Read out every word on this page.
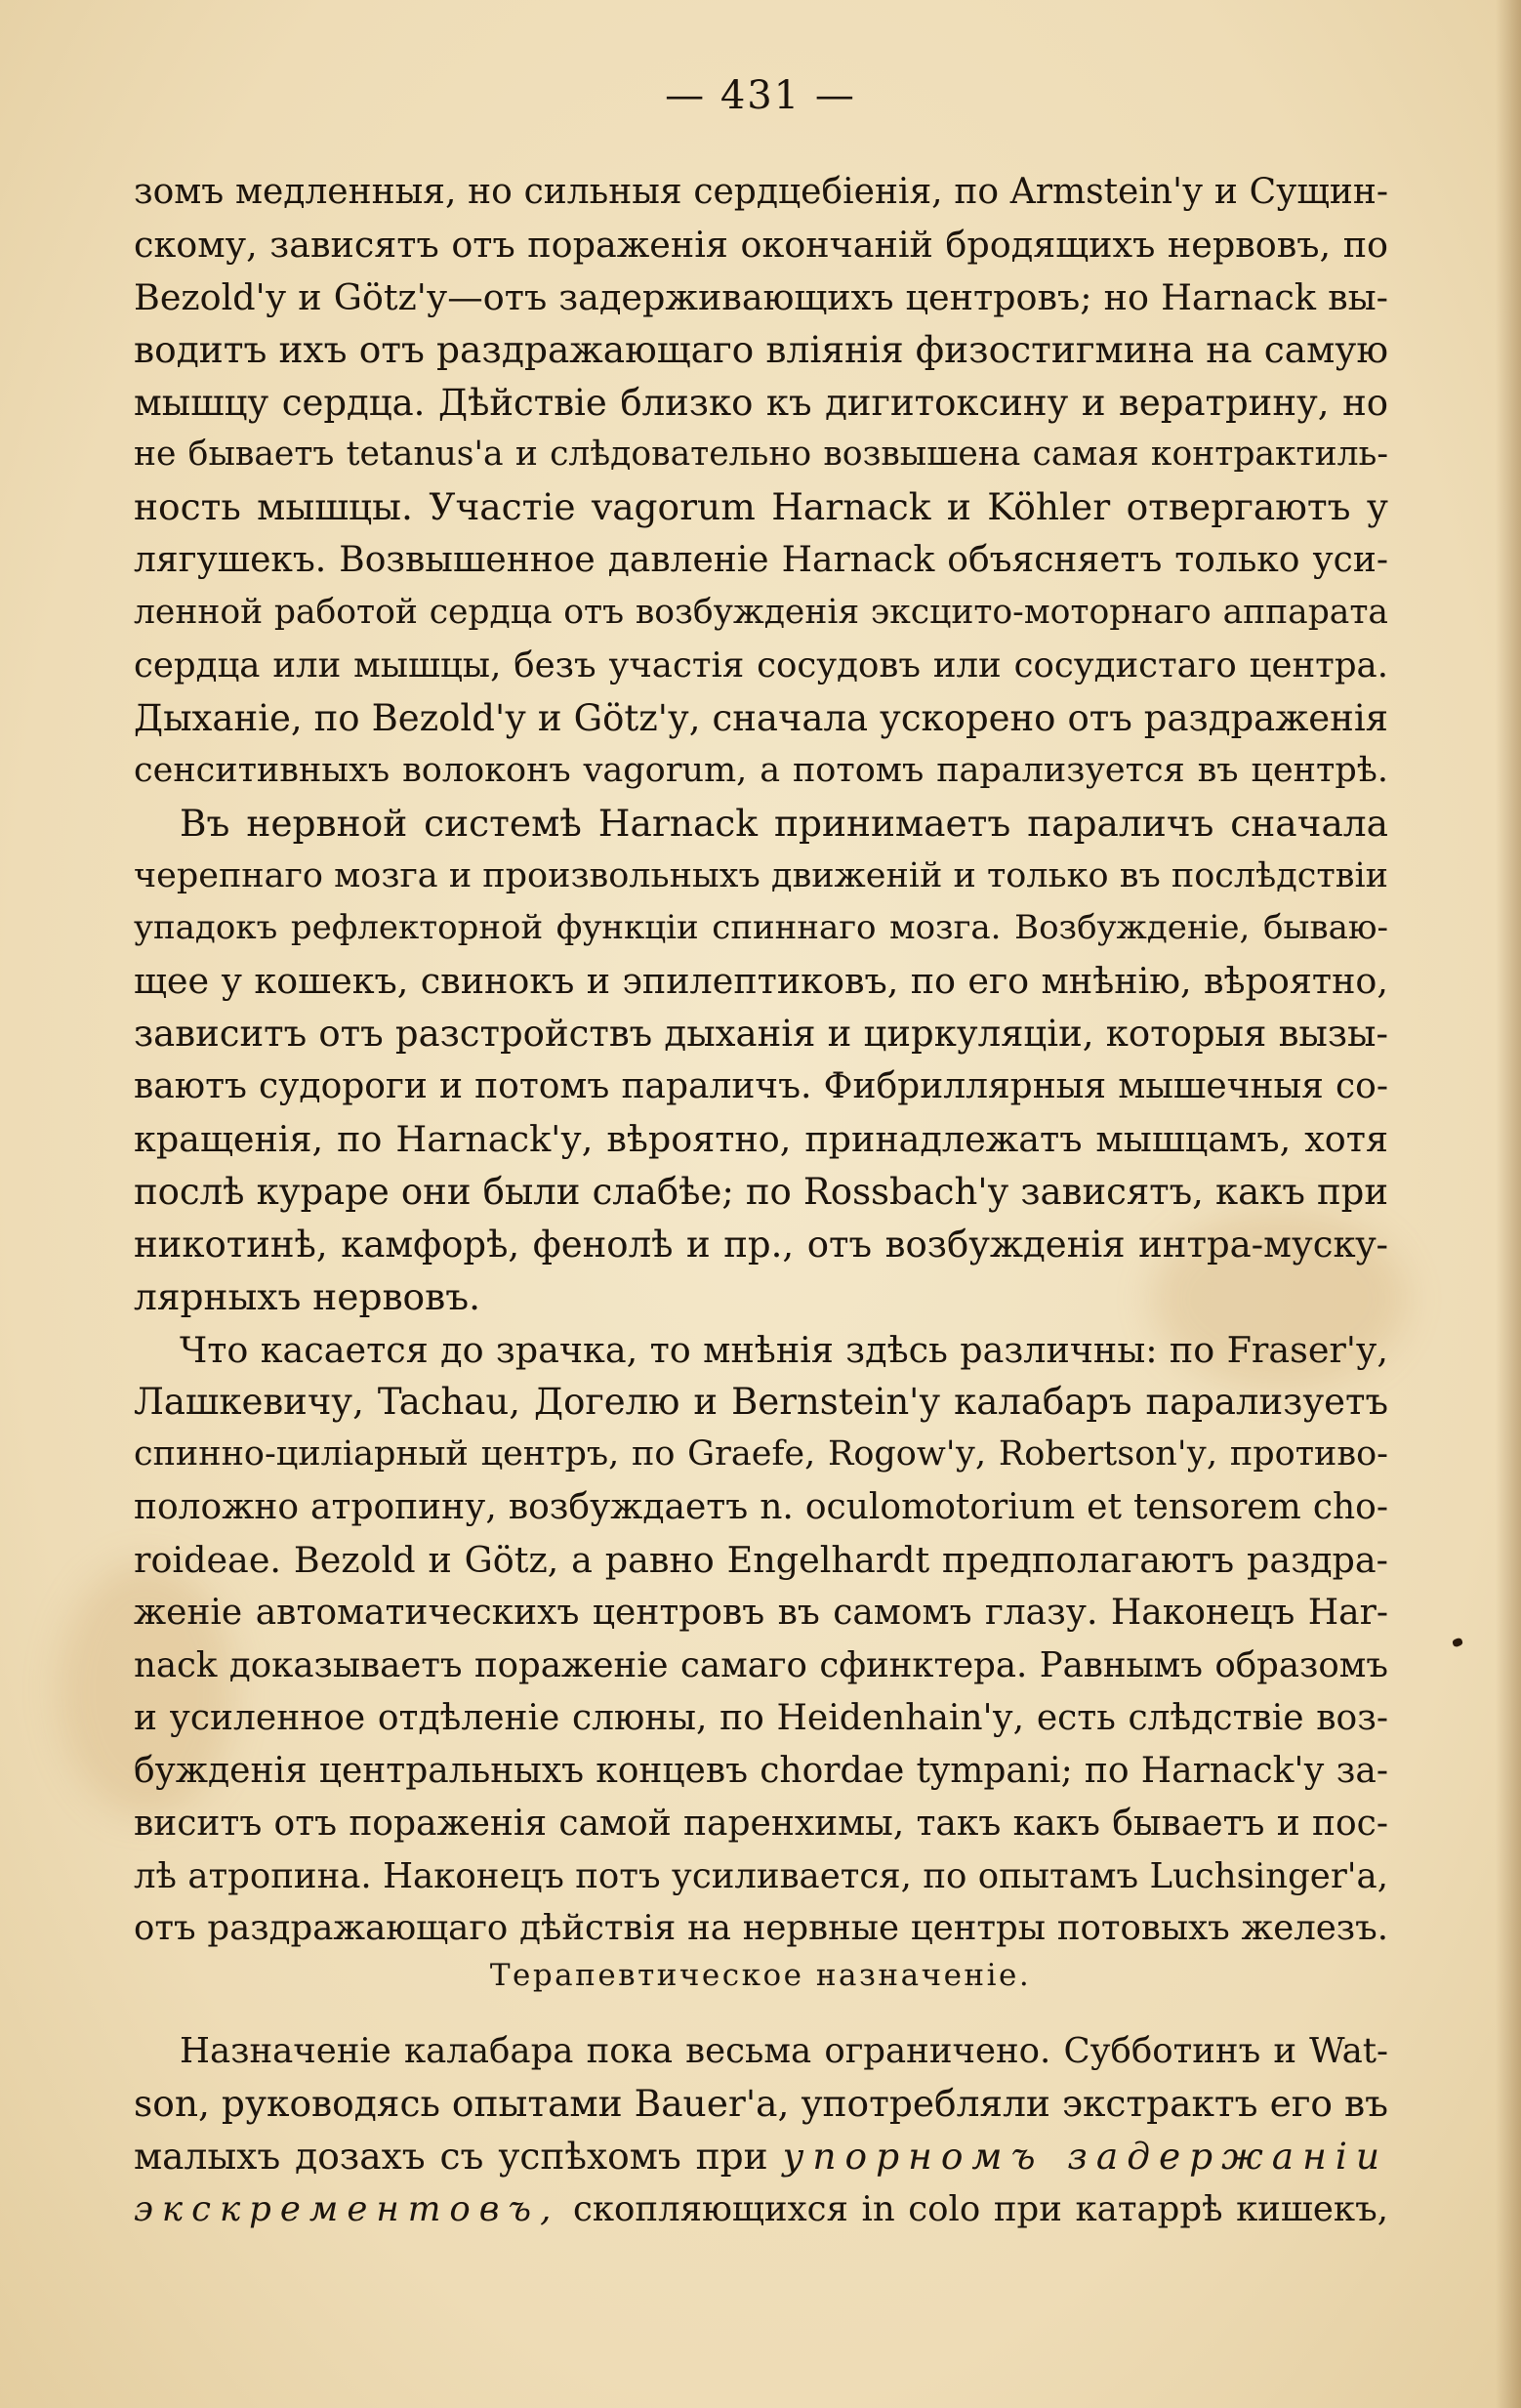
— 431 —
зомъ медленныя, но сильныя сердцебіенія, по Armstein'у и Сущин-
скому, зависятъ отъ пораженія окончаній бродящихъ нервовъ, по
Bezold'у и Götz'у—отъ задерживающихъ центровъ; но Harnack вы-
водитъ ихъ отъ раздражающаго вліянія физостигмина на самую
мышцу сердца. Дѣйствіе близко къ дигитоксину и вератрину, но
не бываетъ tetanus'а и слѣдовательно возвышена самая контрактиль-
ность мышцы. Участіе vagorum Harnack и Köhler отвергаютъ у
лягушекъ. Возвышенное давленіе Harnack объясняетъ только уси-
ленной работой сердца отъ возбужденія эксцито-моторнаго аппарата
сердца или мышцы, безъ участія сосудовъ или сосудистаго центра.
Дыханіе, по Bezold'у и Götz'у, сначала ускорено отъ раздраженія
сенситивныхъ волоконъ vagorum, а потомъ парализуется въ центрѣ.
Въ нервной системѣ Harnack принимаетъ параличъ сначала
черепнаго мозга и произвольныхъ движеній и только въ послѣдствіи
упадокъ рефлекторной функціи спиннаго мозга. Возбужденіе, бываю-
щее у кошекъ, свинокъ и эпилептиковъ, по его мнѣнію, вѣроятно,
зависитъ отъ разстройствъ дыханія и циркуляціи, которыя вызы-
ваютъ судороги и потомъ параличъ. Фибриллярныя мышечныя со-
кращенія, по Harnack'у, вѣроятно, принадлежатъ мышцамъ, хотя
послѣ кураре они были слабѣе; по Rossbach'у зависятъ, какъ при
никотинѣ, камфорѣ, фенолѣ и пр., отъ возбужденія интра-мускy-
лярныхъ нервовъ.
Что касается до зрачка, то мнѣнія здѣсь различны: по Fraser'у,
Лашкевичу, Tachau, Догелю и Bernstein'у калабаръ парализуетъ
спинно-циліарный центръ, по Graefe, Rogow'у, Robertson'у, противо-
положно атропину, возбуждаетъ n. oculomotorium et tensorem cho-
roideae. Bezold и Götz, а равно Engelhardt предполагаютъ раздра-
женіе автоматическихъ центровъ въ самомъ глазу. Наконецъ Har-
nack доказываетъ пораженіе самаго сфинктера. Равнымъ образомъ
и усиленное отдѣленіе слюны, по Heidenhain'у, есть слѣдствіе воз-
бужденія центральныхъ концевъ chordae tympani; по Harnack'у за-
виситъ отъ пораженія самой паренхимы, такъ какъ бываетъ и пос-
лѣ атропина. Наконецъ потъ усиливается, по опытамъ Luchsinger'а,
отъ раздражающаго дѣйствія на нервные центры потовыхъ железъ.
Терапевтическое назначеніе.
Назначеніе калабара пока весьма ограничено. Субботинъ и Wat-
son, руководясь опытами Bauer'а, употребляли экстрактъ его въ
малыхъ дозахъ съ успѣхомъ при упорномъ задержаніи
экскрементовъ, скопляющихся in colo при катаррѣ кишекъ,
